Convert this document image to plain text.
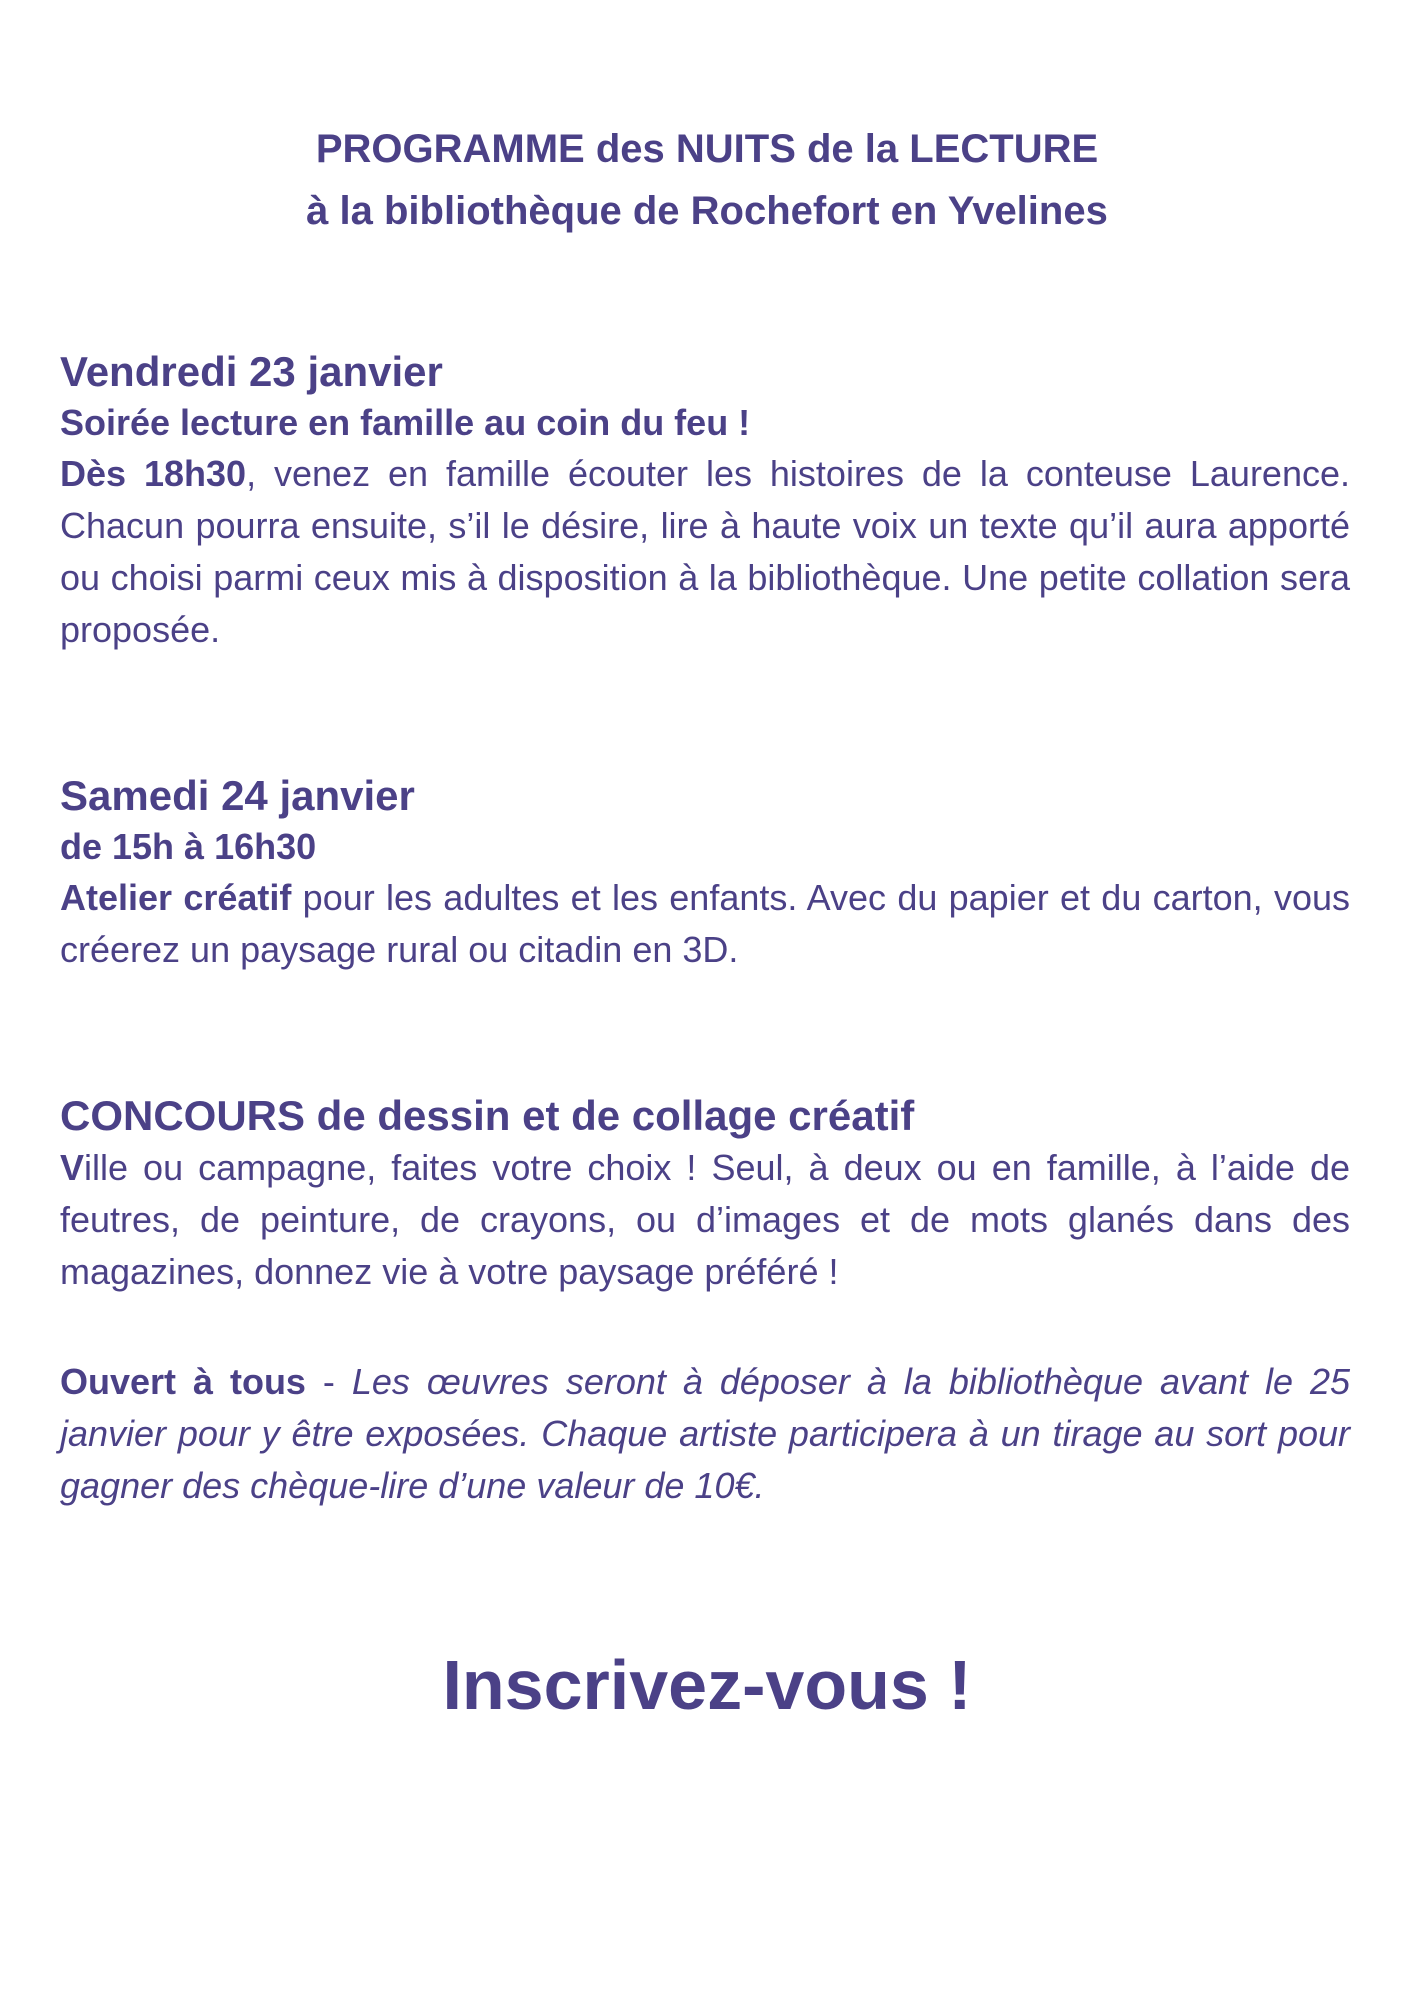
PROGRAMME des NUITS de la LECTURE
à la bibliothèque de Rochefort en Yvelines

Vendredi 23 janvier

Soirée lecture en famille au coin du feu !

Dès 18h30, venez en famille écouter les histoires de la conteuse Laurence. Chacun pourra ensuite, s’il le désire, lire à haute voix un texte qu’il aura apporté ou choisi parmi ceux mis à disposition à la bibliothèque. Une petite collation sera proposée.

Samedi 24 janvier

de 15h à 16h30

Atelier créatif pour les adultes et les enfants. Avec du papier et du carton, vous créerez un paysage rural ou citadin en 3D.

CONCOURS de dessin et de collage créatif

Ville ou campagne, faites votre choix ! Seul, à deux ou en famille, à l’aide de feutres, de peinture, de crayons, ou d’images et de mots glanés dans des magazines, donnez vie à votre paysage préféré !

Ouvert à tous - Les œuvres seront à déposer à la bibliothèque avant le 25 janvier pour y être exposées. Chaque artiste participera à un tirage au sort pour gagner des chèque-lire d’une valeur de 10€.

Inscrivez-vous !
